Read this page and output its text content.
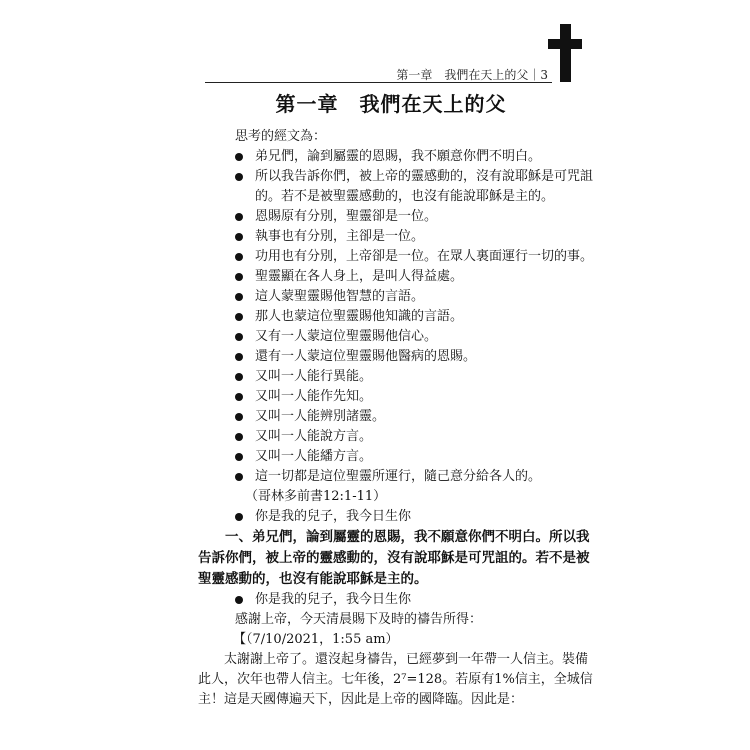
第一章　我們在天上的父｜3
第一章　我們在天上的父

思考的經文為：

弟兄們，論到屬靈的恩賜，我不願意你們不明白。

所以我告訴你們，被上帝的靈感動的，沒有說耶穌是可咒詛的。若不是被聖靈感動的，也沒有能說耶穌是主的。

恩賜原有分別，聖靈卻是一位。

執事也有分別，主卻是一位。

功用也有分別，上帝卻是一位。在眾人裏面運行一切的事。

聖靈顯在各人身上，是叫人得益處。

這人蒙聖靈賜他智慧的言語。

那人也蒙這位聖靈賜他知識的言語。

又有一人蒙這位聖靈賜他信心。

還有一人蒙這位聖靈賜他醫病的恩賜。

又叫一人能行異能。

又叫一人能作先知。

又叫一人能辨別諸靈。

又叫一人能說方言。

又叫一人能繙方言。

這一切都是這位聖靈所運行，隨己意分給各人的。

（哥林多前書12:1-11）

你是我的兒子，我今日生你

一、弟兄們，論到屬靈的恩賜，我不願意你們不明白。所以我告訴你們，被上帝的靈感動的，沒有說耶穌是可咒詛的。若不是被聖靈感動的，也沒有能說耶穌是主的。

你是我的兒子，我今日生你

感謝上帝，今天清晨賜下及時的禱告所得：

【（7/10/2021，1:55 am）

太謝謝上帝了。還沒起身禱告，已經夢到一年帶一人信主。裝備此人，次年也帶人信主。七年後，2⁷=128。若原有1%信主，全城信主！這是天國傳遍天下，因此是上帝的國降臨。因此是：
